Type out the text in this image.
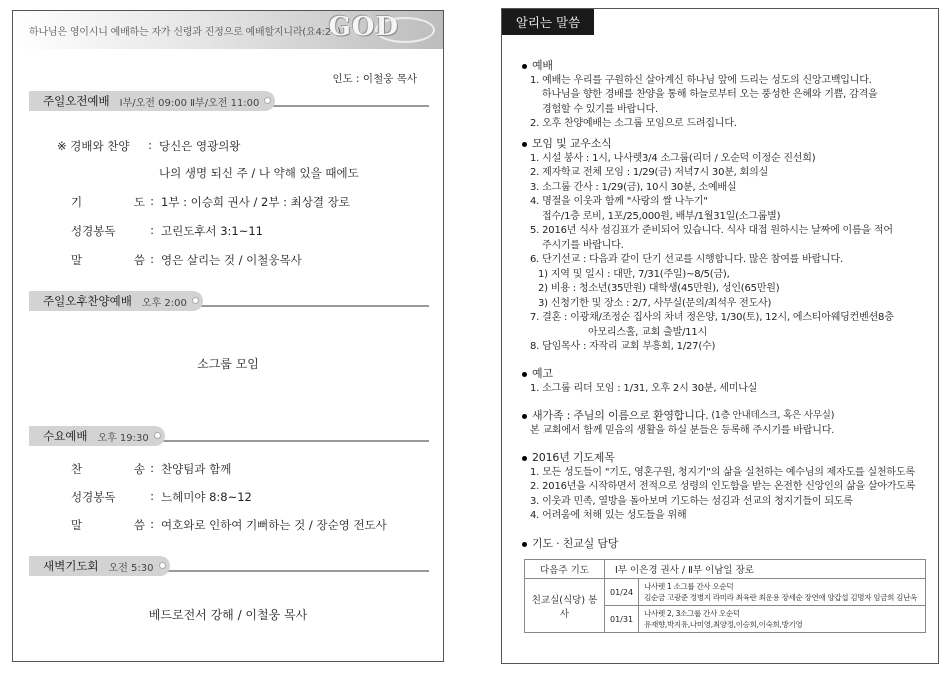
하나님은 영이시니 예배하는 자가 신령과 진정으로 예배할지니라(요4:24)
GOD
인도 : 이철웅 목사
주일오전예배 Ⅰ부/오전 09:00 Ⅱ부/오전 11:00
※ 경배와 찬양	: 당신은 영광의왕
나의 생명 되신 주 / 나 약해 있을 때에도
기 도 : 1부 : 이승희 권사 / 2부 : 최상결 장로
성경봉독	: 고린도후서 3:1~11
말 씀 : 영은 살리는 것 / 이철웅목사
주일오후찬양예배 오후 2:00
소그룹 모임
수요예배 오후 19:30
찬 송 : 찬양팀과 함께
성경봉독	: 느헤미야 8:8~12
말 씀 : 여호와로 인하여 기뻐하는 것 / 장순영 전도사
새벽기도회 오전 5:30
베드로전서 강해 / 이철웅 목사
알리는 말씀
예배
1. 예배는 우리를 구원하신 살아계신 하나님 앞에 드리는 성도의 신앙고백입니다.
하나님을 향한 경배를 찬양을 통해 하늘로부터 오는 풍성한 은혜와 기쁨, 감격을
경험할 수 있기를 바랍니다.
2. 오후 찬양예배는 소그룹 모임으로 드려집니다.
모임 및 교우소식
1. 시설 봉사 : 1시, 나사렛3/4 소그룹(리더 / 오순덕 이정순 진선희)
2. 제자학교 전체 모임 : 1/29(금) 저녁7시 30분, 회의실
3. 소그룹 간사 : 1/29(금), 10시 30분, 소예배실
4. 명절을 이웃과 함께 "사랑의 쌀 나누기"
접수/1층 로비, 1포/25,000원, 배부/1월31일(소그룹별)
5. 2016년 식사 섬김표가 준비되어 있습니다. 식사 대접 원하시는 날짜에 이름을 적어
주시기를 바랍니다.
6. 단기선교 : 다음과 같이 단기 선교를 시행합니다. 많은 참여를 바랍니다.
1) 지역 및 일시 : 대만, 7/31(주일)~8/5(금),
2) 비용 : 청소년(35만원) 대학생(45만원), 성인(65만원)
3) 신청기한 및 장소 : 2/7, 사무실(문의/최석우 전도사)
7. 결혼 : 이광채/조정순 집사의 차녀 정은양, 1/30(토), 12시, 에스티아웨딩컨벤션8층
아모리스홀, 교회 출발/11시
8. 담임목사 : 자작리 교회 부흥회, 1/27(수)
예고
1. 소그룹 리더 모임 : 1/31, 오후 2시 30분, 세미나실
새가족 : 주님의 이름으로 환영합니다. (1층 안내데스크, 혹은 사무실)
본 교회에서 함께 믿음의 생활을 하실 분들은 등록해 주시기를 바랍니다.
2016년 기도제목
1. 모든 성도들이 "기도, 영혼구원, 청지기"의 삶을 실천하는 예수님의 제자도를 실천하도록
2. 2016년을 시작하면서 전적으로 성령의 인도함을 받는 온전한 신앙인의 삶을 살아가도록
3. 이웃과 민족, 열방을 돌아보며 기도하는 섬김과 선교의 청지기들이 되도록
4. 어려움에 처해 있는 성도들을 위해
기도 · 친교실 담당
다음주 기도	Ⅰ부 이은경 권사 / Ⅱ부 이남일 장로	
친교실(식당) 봉사	01/24	나사렛 1 소그룹 간사 오순덕
김순금 고광준 정병지 라미라 최육란 최운용 장세순 장연애 양갑섭 김명자 임금희 김난옥

	01/31	나사렛 2, 3소그룹 간사 오순덕
유재향,박지유,나미영,최양정,이승희,이숙희,방기영
